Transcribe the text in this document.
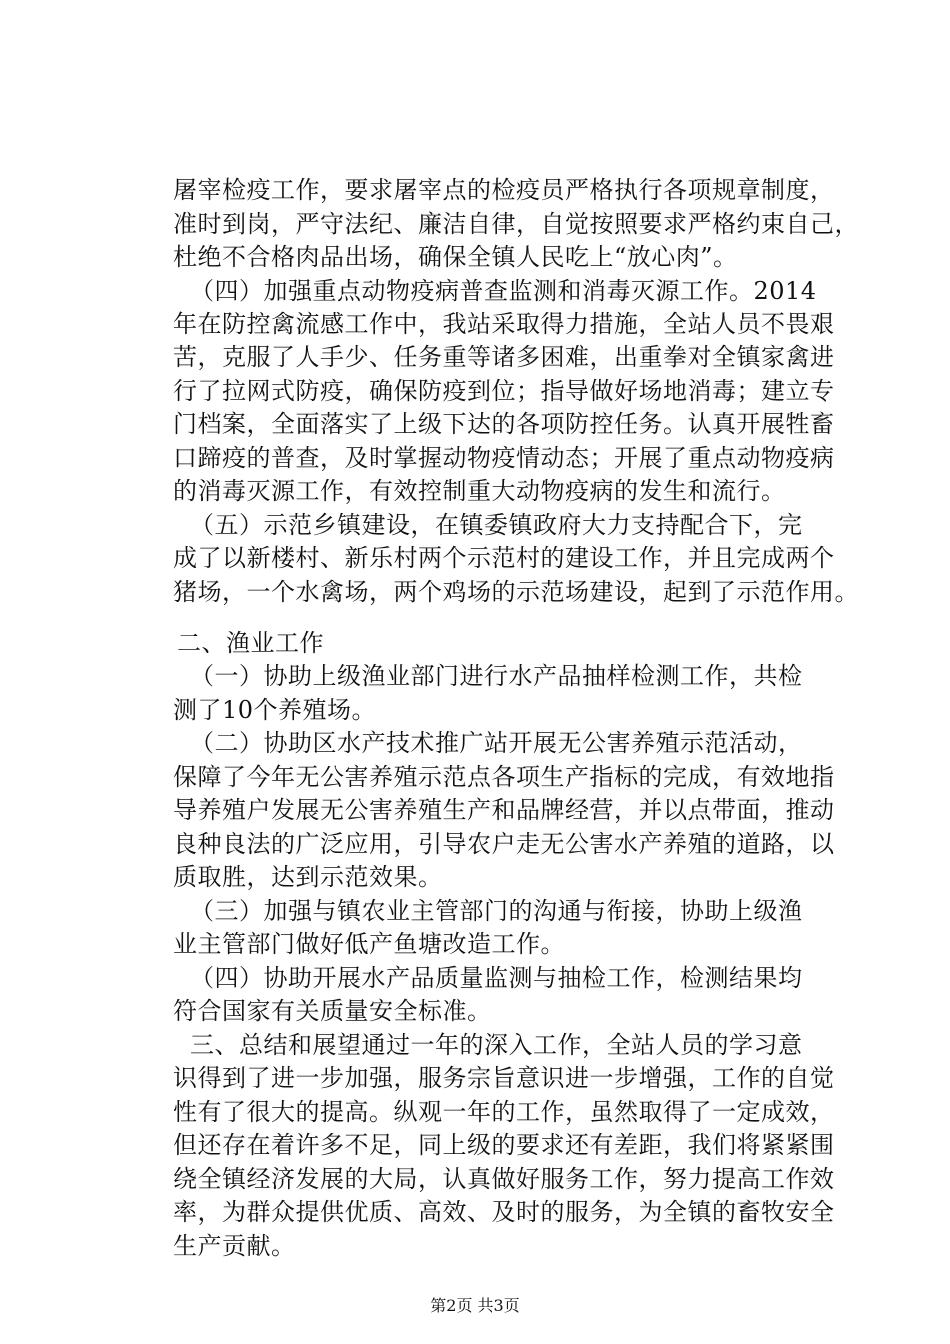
屠宰检疫工作，要求屠宰点的检疫员严格执行各项规章制度，
准时到岗，严守法纪、廉洁自律，自觉按照要求严格约束自己，
杜绝不合格肉品出场，确保全镇人民吃上“放心肉”。
（四）加强重点动物疫病普查监测和消毒灭源工作。2014
年在防控禽流感工作中，我站采取得力措施，全站人员不畏艰
苦，克服了人手少、任务重等诸多困难，出重拳对全镇家禽进
行了拉网式防疫，确保防疫到位；指导做好场地消毒；建立专
门档案，全面落实了上级下达的各项防控任务。认真开展牲畜
口蹄疫的普查，及时掌握动物疫情动态；开展了重点动物疫病
的消毒灭源工作，有效控制重大动物疫病的发生和流行。
（五）示范乡镇建设，在镇委镇政府大力支持配合下，完
成了以新楼村、新乐村两个示范村的建设工作，并且完成两个
猪场，一个水禽场，两个鸡场的示范场建设，起到了示范作用。
二、渔业工作
（一）协助上级渔业部门进行水产品抽样检测工作，共检
测了10个养殖场。
（二）协助区水产技术推广站开展无公害养殖示范活动，
保障了今年无公害养殖示范点各项生产指标的完成，有效地指
导养殖户发展无公害养殖生产和品牌经营，并以点带面，推动
良种良法的广泛应用，引导农户走无公害水产养殖的道路，以
质取胜，达到示范效果。
（三）加强与镇农业主管部门的沟通与衔接，协助上级渔
业主管部门做好低产鱼塘改造工作。
（四）协助开展水产品质量监测与抽检工作，检测结果均
符合国家有关质量安全标准。
三、总结和展望通过一年的深入工作，全站人员的学习意
识得到了进一步加强，服务宗旨意识进一步增强，工作的自觉
性有了很大的提高。纵观一年的工作，虽然取得了一定成效，
但还存在着许多不足，同上级的要求还有差距，我们将紧紧围
绕全镇经济发展的大局，认真做好服务工作，努力提高工作效
率，为群众提供优质、高效、及时的服务，为全镇的畜牧安全
生产贡献。
第2页 共3页
